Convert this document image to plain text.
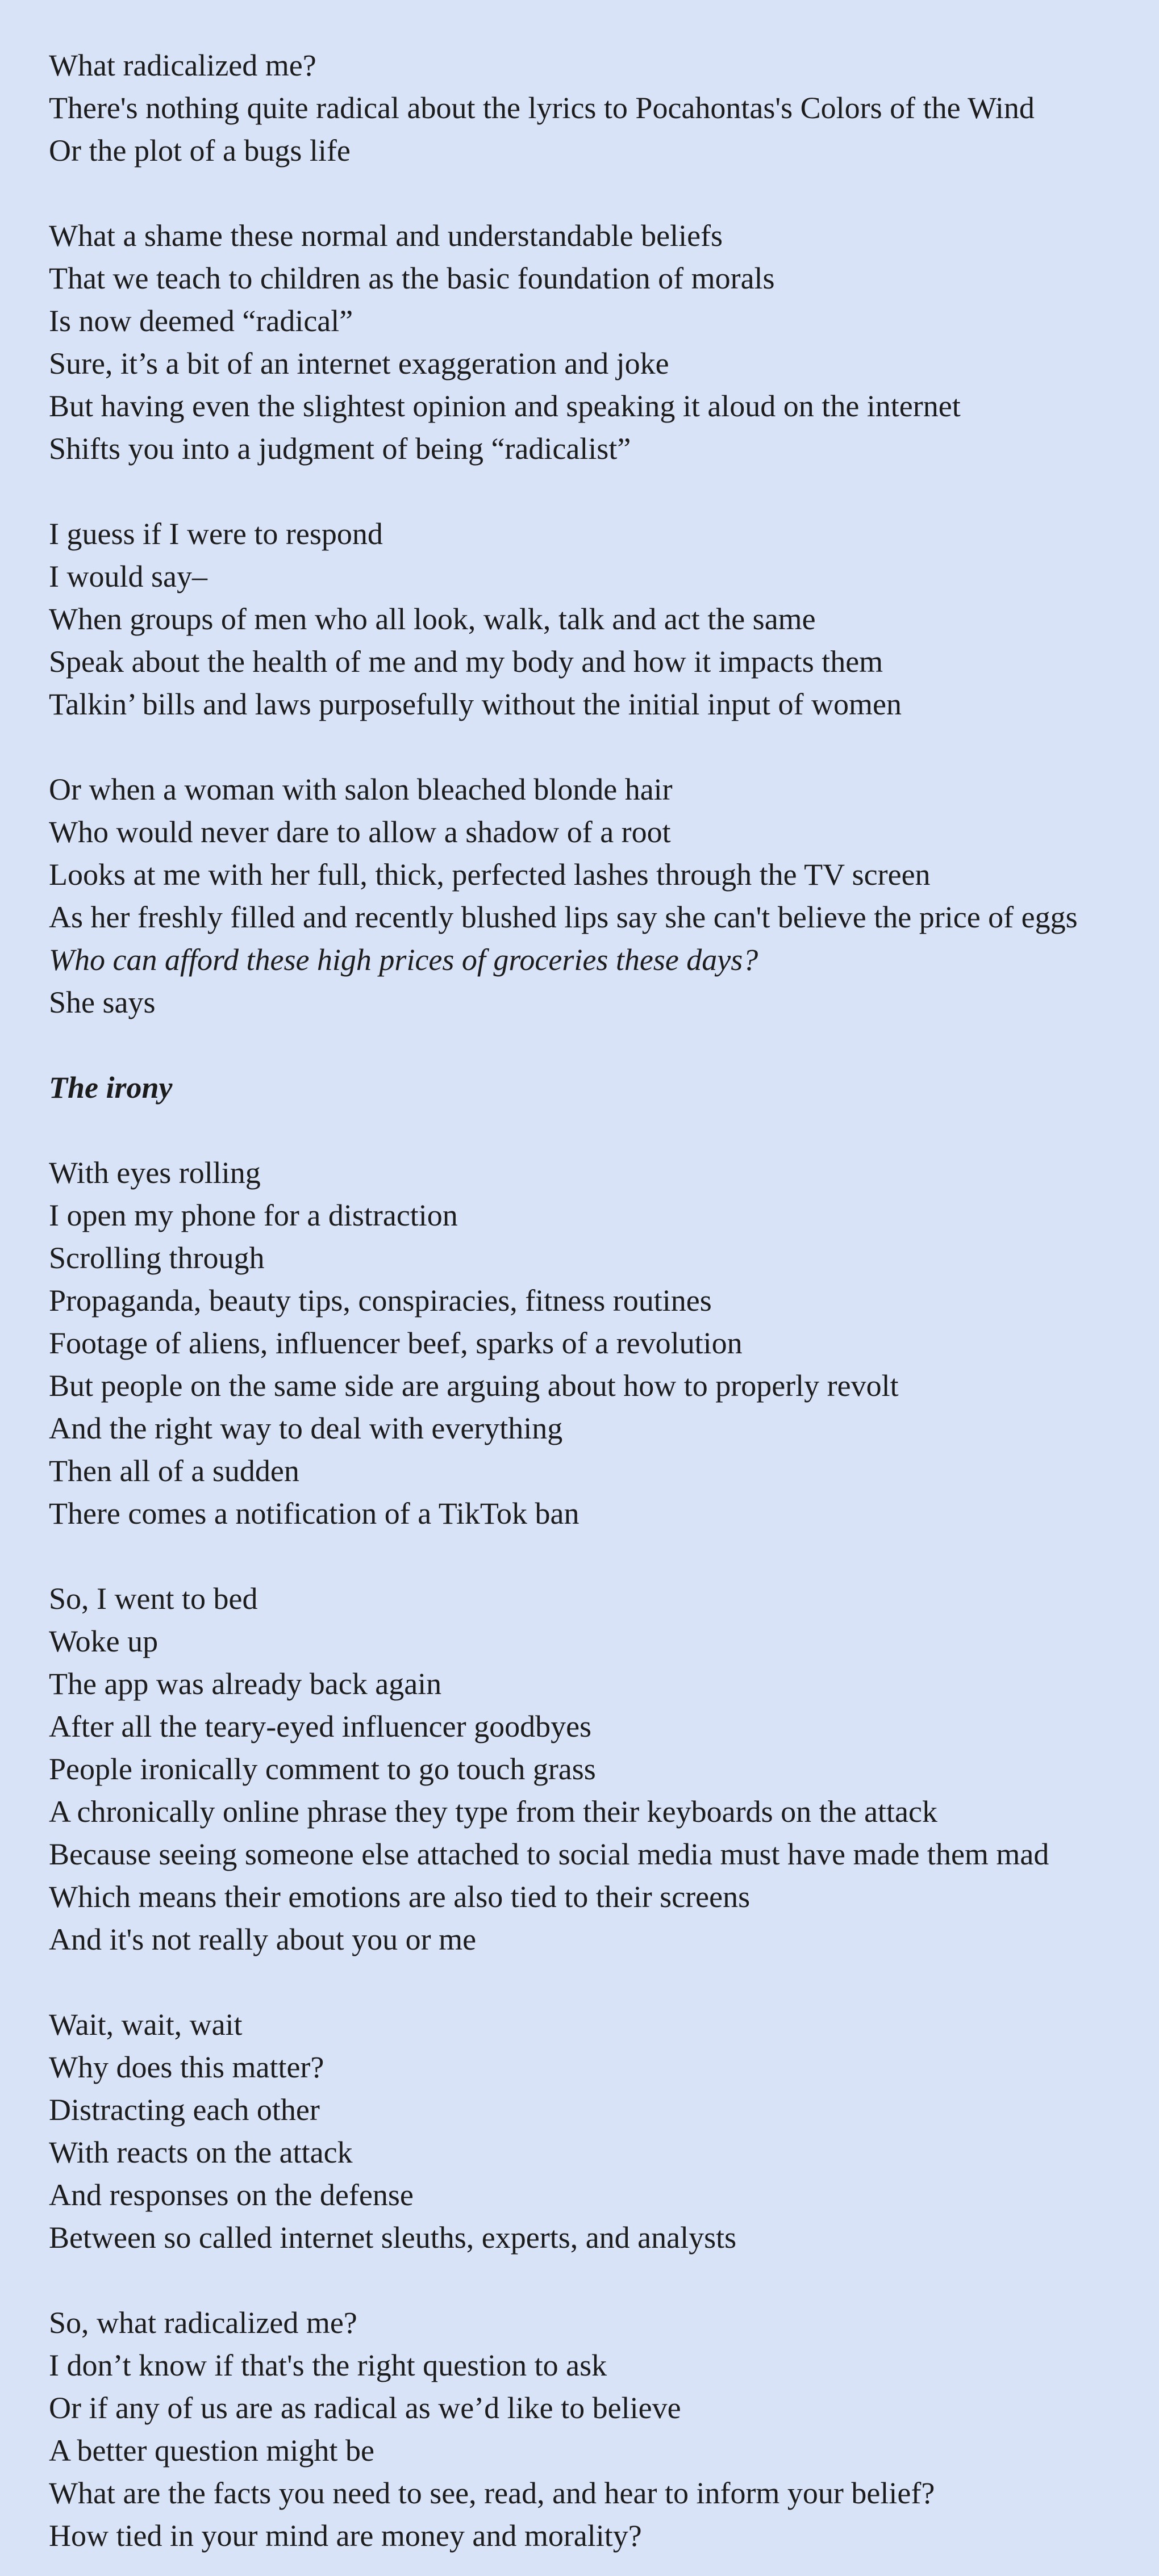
What radicalized me?
There's nothing quite radical about the lyrics to Pocahontas's Colors of the Wind
Or the plot of a bugs life
What a shame these normal and understandable beliefs
That we teach to children as the basic foundation of morals
Is now deemed “radical”
Sure, it’s a bit of an internet exaggeration and joke
But having even the slightest opinion and speaking it aloud on the internet
Shifts you into a judgment of being “radicalist”
I guess if I were to respond
I would say–
When groups of men who all look, walk, talk and act the same
Speak about the health of me and my body and how it impacts them
Talkin’ bills and laws purposefully without the initial input of women
Or when a woman with salon bleached blonde hair
Who would never dare to allow a shadow of a root
Looks at me with her full, thick, perfected lashes through the TV screen
As her freshly filled and recently blushed lips say she can't believe the price of eggs
Who can afford these high prices of groceries these days?
She says
The irony
With eyes rolling
I open my phone for a distraction
Scrolling through
Propaganda, beauty tips, conspiracies, fitness routines
Footage of aliens, influencer beef, sparks of a revolution
But people on the same side are arguing about how to properly revolt
And the right way to deal with everything
Then all of a sudden
There comes a notification of a TikTok ban
So, I went to bed
Woke up
The app was already back again
After all the teary-eyed influencer goodbyes
People ironically comment to go touch grass
A chronically online phrase they type from their keyboards on the attack
Because seeing someone else attached to social media must have made them mad
Which means their emotions are also tied to their screens
And it's not really about you or me
Wait, wait, wait
Why does this matter?
Distracting each other
With reacts on the attack
And responses on the defense
Between so called internet sleuths, experts, and analysts
So, what radicalized me?
I don’t know if that's the right question to ask
Or if any of us are as radical as we’d like to believe
A better question might be
What are the facts you need to see, read, and hear to inform your belief?
How tied in your mind are money and morality?
